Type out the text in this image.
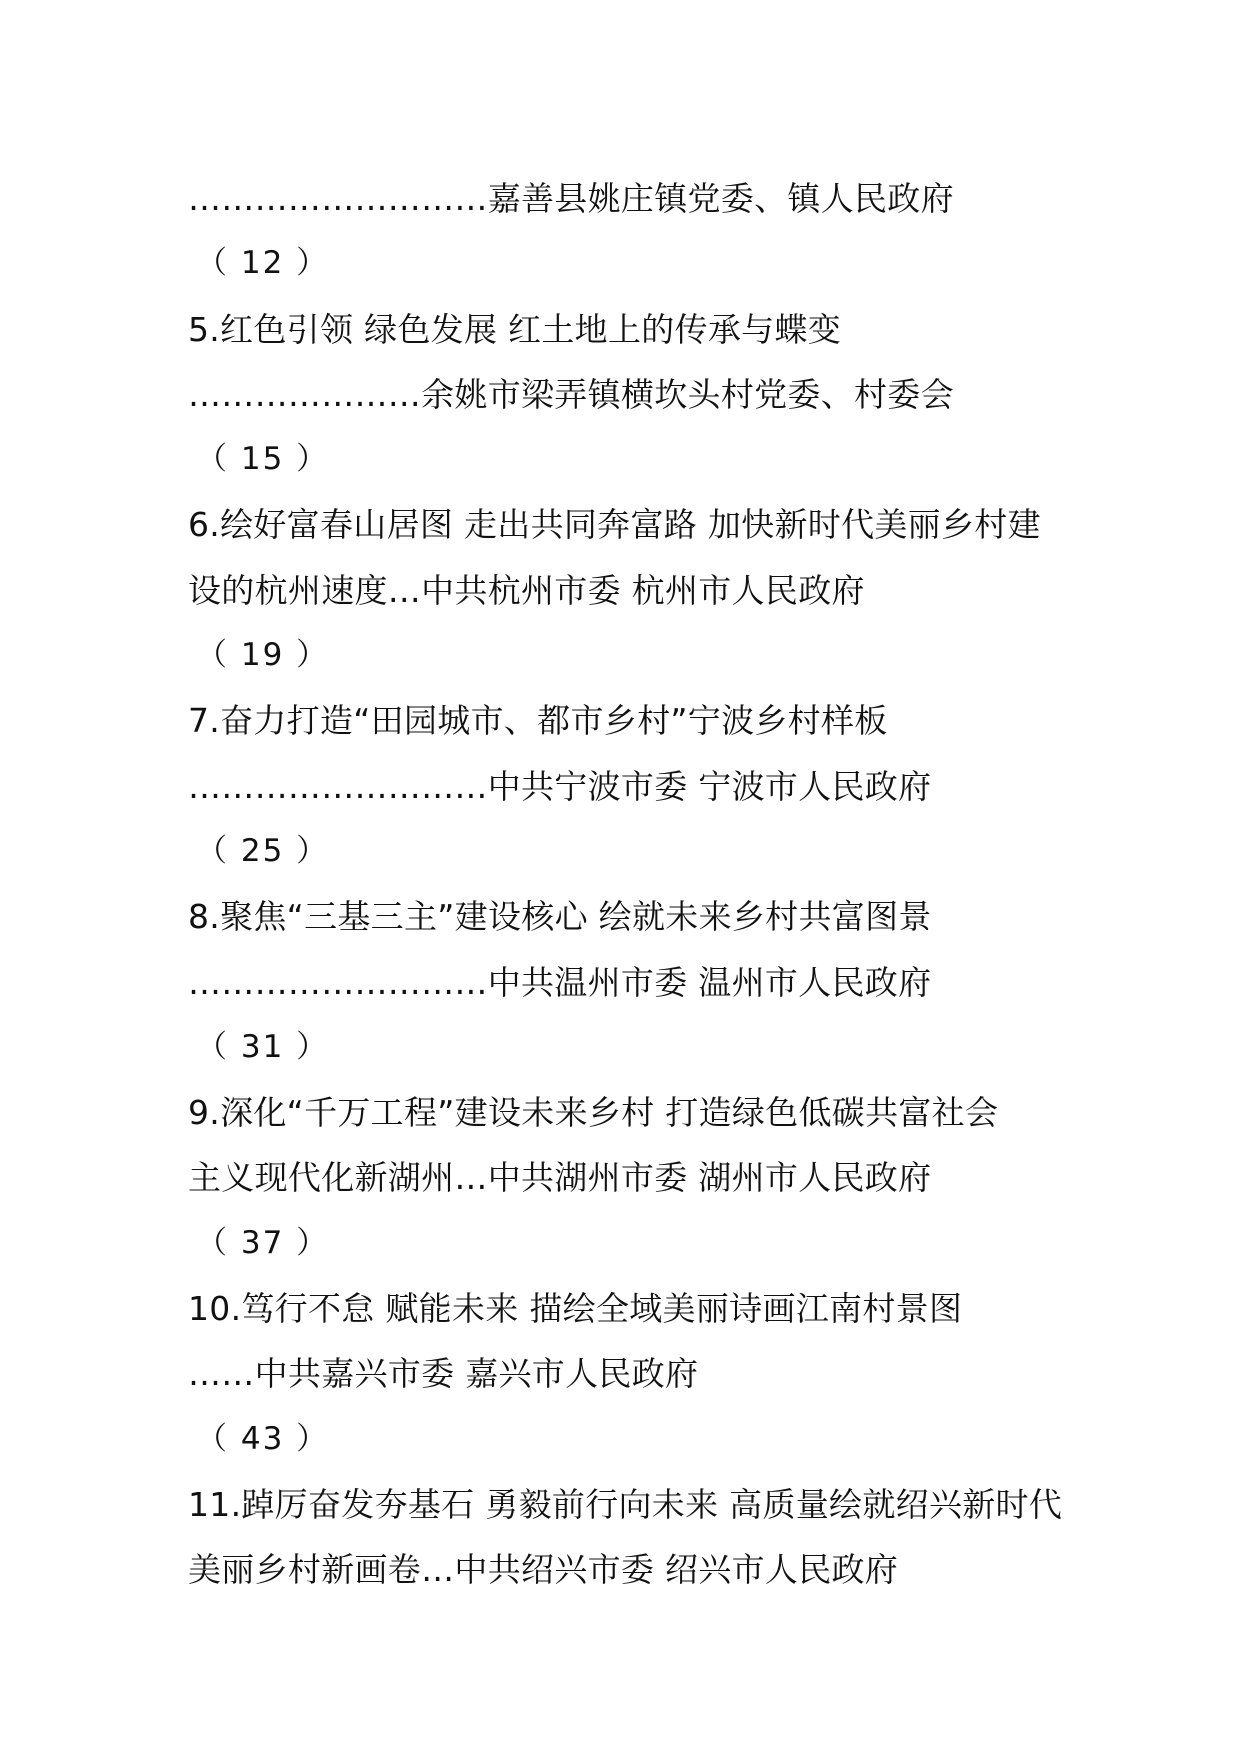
………………………嘉善县姚庄镇党委、镇人民政府
（ 12 ）
5.红色引领 绿色发展 红土地上的传承与蝶变
…………………余姚市梁弄镇横坎头村党委、村委会
（ 15 ）
6.绘好富春山居图 走出共同奔富路 加快新时代美丽乡村建
设的杭州速度…中共杭州市委 杭州市人民政府
（ 19 ）
7.奋力打造“田园城市、都市乡村”宁波乡村样板
………………………中共宁波市委 宁波市人民政府
（ 25 ）
8.聚焦“三基三主”建设核心 绘就未来乡村共富图景
………………………中共温州市委 温州市人民政府
（ 31 ）
9.深化“千万工程”建设未来乡村 打造绿色低碳共富社会
主义现代化新湖州…中共湖州市委 湖州市人民政府
（ 37 ）
10.笃行不怠 赋能未来 描绘全域美丽诗画江南村景图
……中共嘉兴市委 嘉兴市人民政府
（ 43 ）
11.踔厉奋发夯基石 勇毅前行向未来 高质量绘就绍兴新时代
美丽乡村新画卷…中共绍兴市委 绍兴市人民政府
